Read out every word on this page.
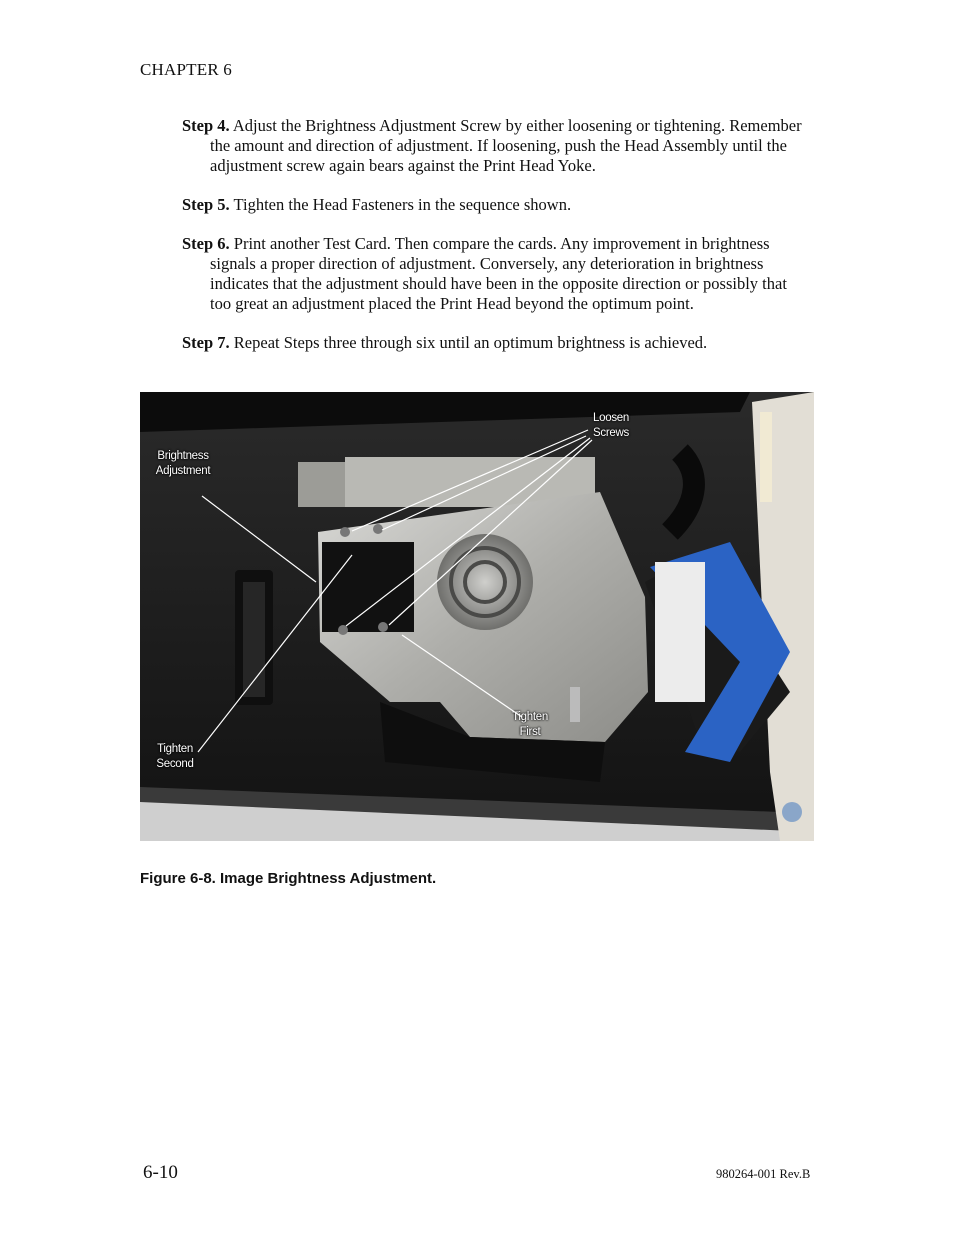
CHAPTER 6

Step 4. Adjust the Brightness Adjustment Screw by either loosening or tightening. Remember the amount and direction of adjustment. If loosening, push the Head Assembly until the adjustment screw again bears against the Print Head Yoke.

Step 5. Tighten the Head Fasteners in the sequence shown.

Step 6. Print another Test Card. Then compare the cards. Any improvement in brightness signals a proper direction of adjustment. Conversely, any deterioration in brightness indicates that the adjustment should have been in the opposite direction or possibly that too great an adjustment placed the Print Head beyond the optimum point.

Step 7. Repeat Steps three through six until an optimum brightness is achieved.

Loosen
Screws
Brightness
Adjustment
Tighten
First
Tighten
Second
Figure 6-8. Image Brightness Adjustment.
6-10	980264-001 Rev.B
